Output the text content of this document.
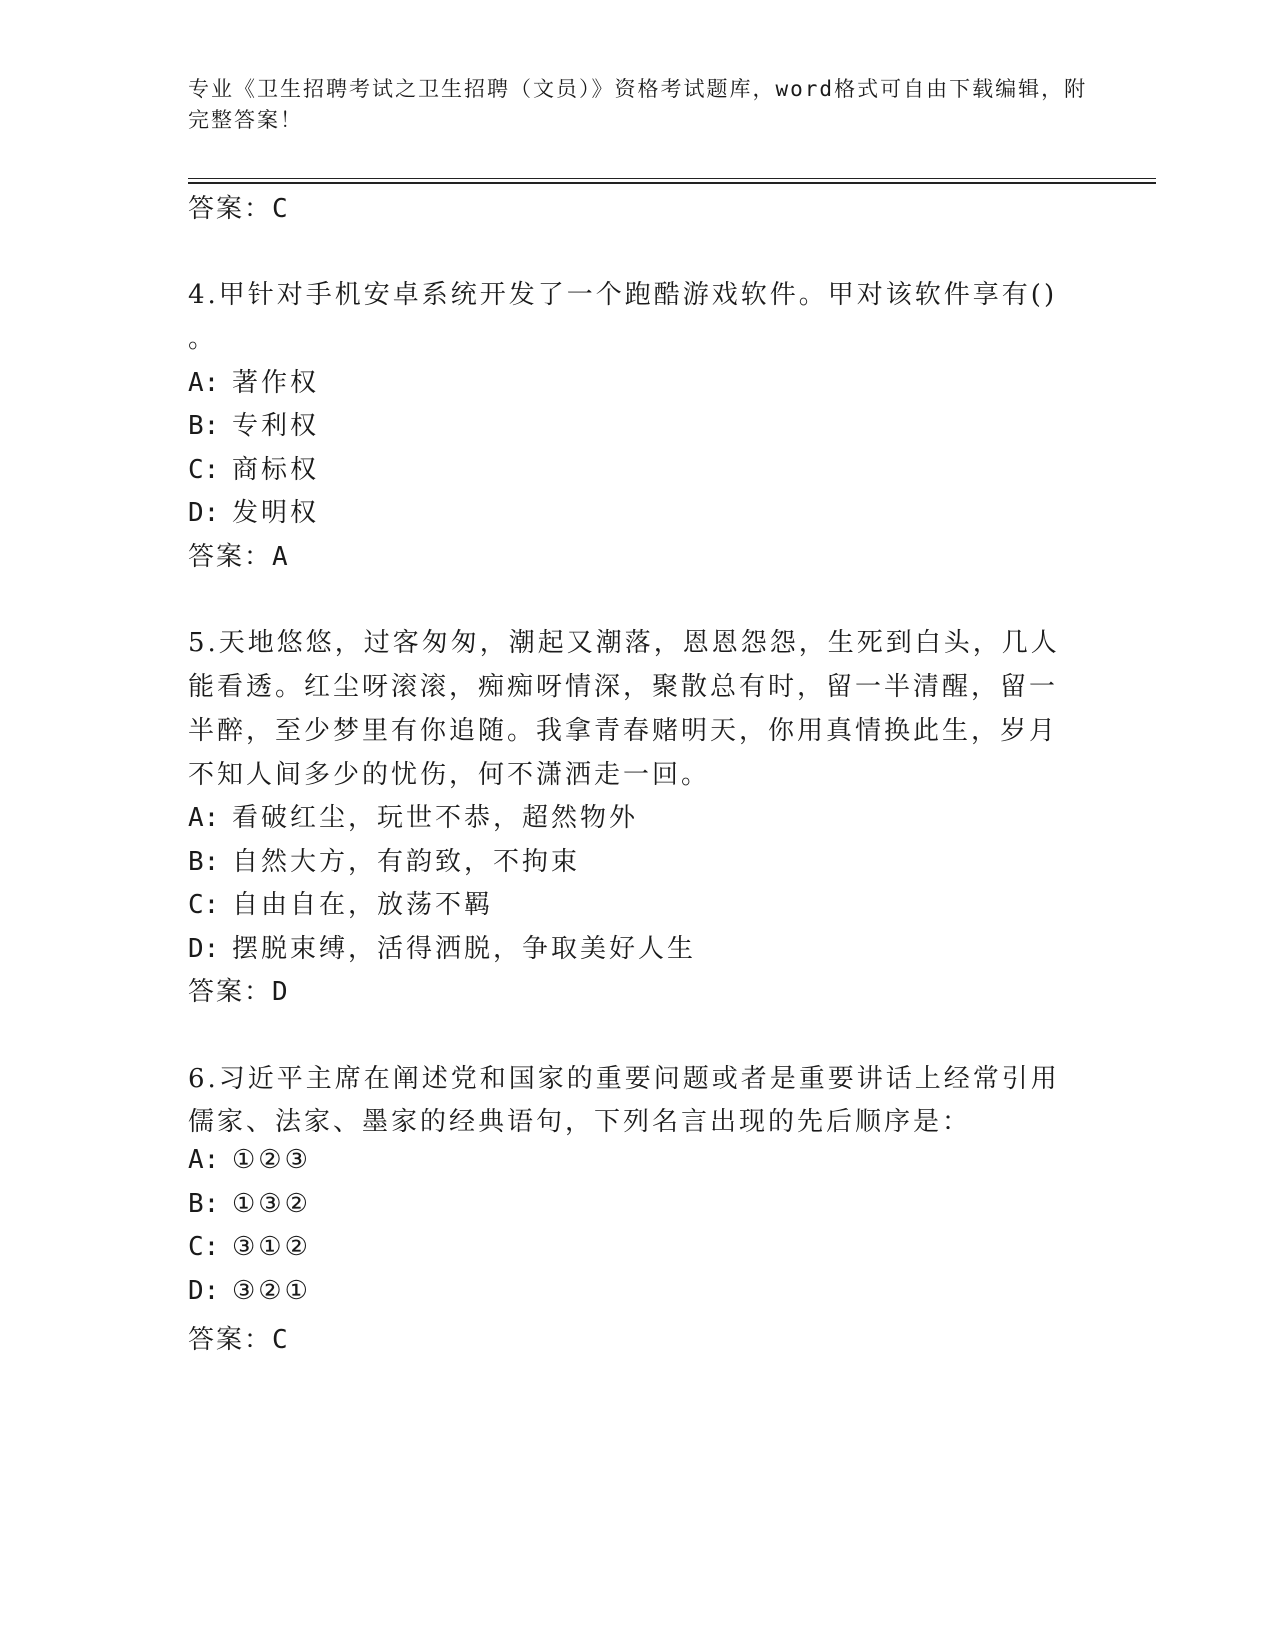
专业《卫生招聘考试之卫生招聘（文员）》资格考试题库，word格式可自由下载编辑，附完整答案！
答案：C
4.甲针对手机安卓系统开发了一个跑酷游戏软件。甲对该软件享有()
。
A: 著作权
B: 专利权
C: 商标权
D: 发明权
答案：A
5.天地悠悠，过客匆匆，潮起又潮落，恩恩怨怨，生死到白头，几人
能看透。红尘呀滚滚，痴痴呀情深，聚散总有时，留一半清醒，留一
半醉，至少梦里有你追随。我拿青春赌明天，你用真情换此生，岁月
不知人间多少的忧伤，何不潇洒走一回。
A: 看破红尘，玩世不恭，超然物外
B: 自然大方，有韵致，不拘束
C: 自由自在，放荡不羁
D: 摆脱束缚，活得洒脱，争取美好人生
答案：D
6.习近平主席在阐述党和国家的重要问题或者是重要讲话上经常引用
儒家、法家、墨家的经典语句，下列名言出现的先后顺序是：
A: ①②③
B: ①③②
C: ③①②
D: ③②①
答案：C
